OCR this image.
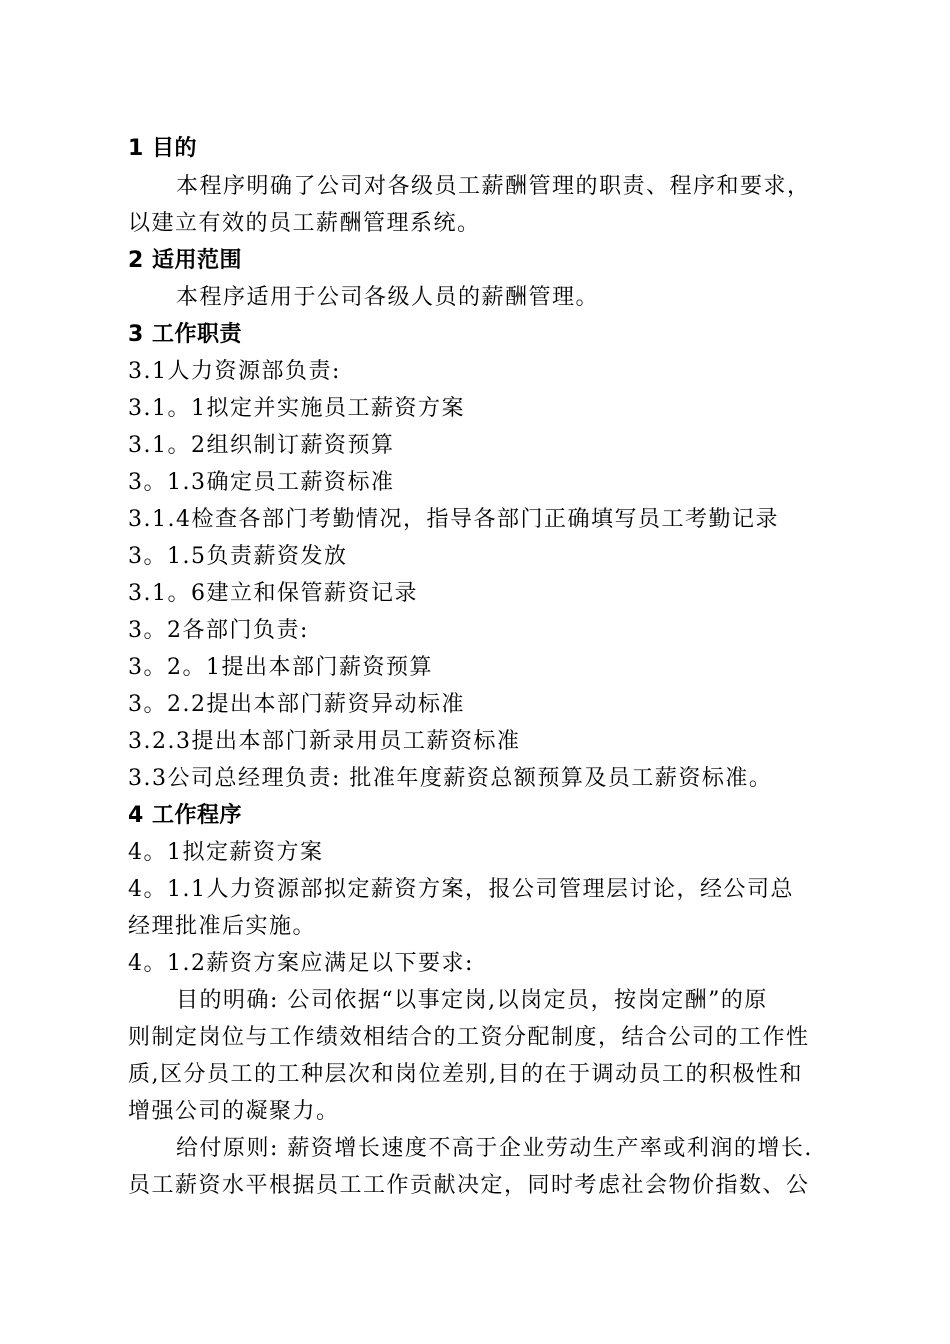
1 目的
本程序明确了公司对各级员工薪酬管理的职责、程序和要求，
以建立有效的员工薪酬管理系统。
2 适用范围
本程序适用于公司各级人员的薪酬管理。
3 工作职责
3.1人力资源部负责:
3.1。1拟定并实施员工薪资方案
3.1。2组织制订薪资预算
3。1.3确定员工薪资标准
3.1.4检查各部门考勤情况，指导各部门正确填写员工考勤记录
3。1.5负责薪资发放
3.1。6建立和保管薪资记录
3。2各部门负责:
3。2。1提出本部门薪资预算
3。2.2提出本部门薪资异动标准
3.2.3提出本部门新录用员工薪资标准
3.3公司总经理负责: 批准年度薪资总额预算及员工薪资标准。
4 工作程序
4。1拟定薪资方案
4。1.1人力资源部拟定薪资方案，报公司管理层讨论，经公司总
经理批准后实施。
4。1.2薪资方案应满足以下要求:
目的明确: 公司依据“以事定岗,以岗定员，按岗定酬”的原
则制定岗位与工作绩效相结合的工资分配制度，结合公司的工作性
质,区分员工的工种层次和岗位差别,目的在于调动员工的积极性和
增强公司的凝聚力。
给付原则: 薪资增长速度不高于企业劳动生产率或利润的增长.
员工薪资水平根据员工工作贡献决定，同时考虑社会物价指数、公
